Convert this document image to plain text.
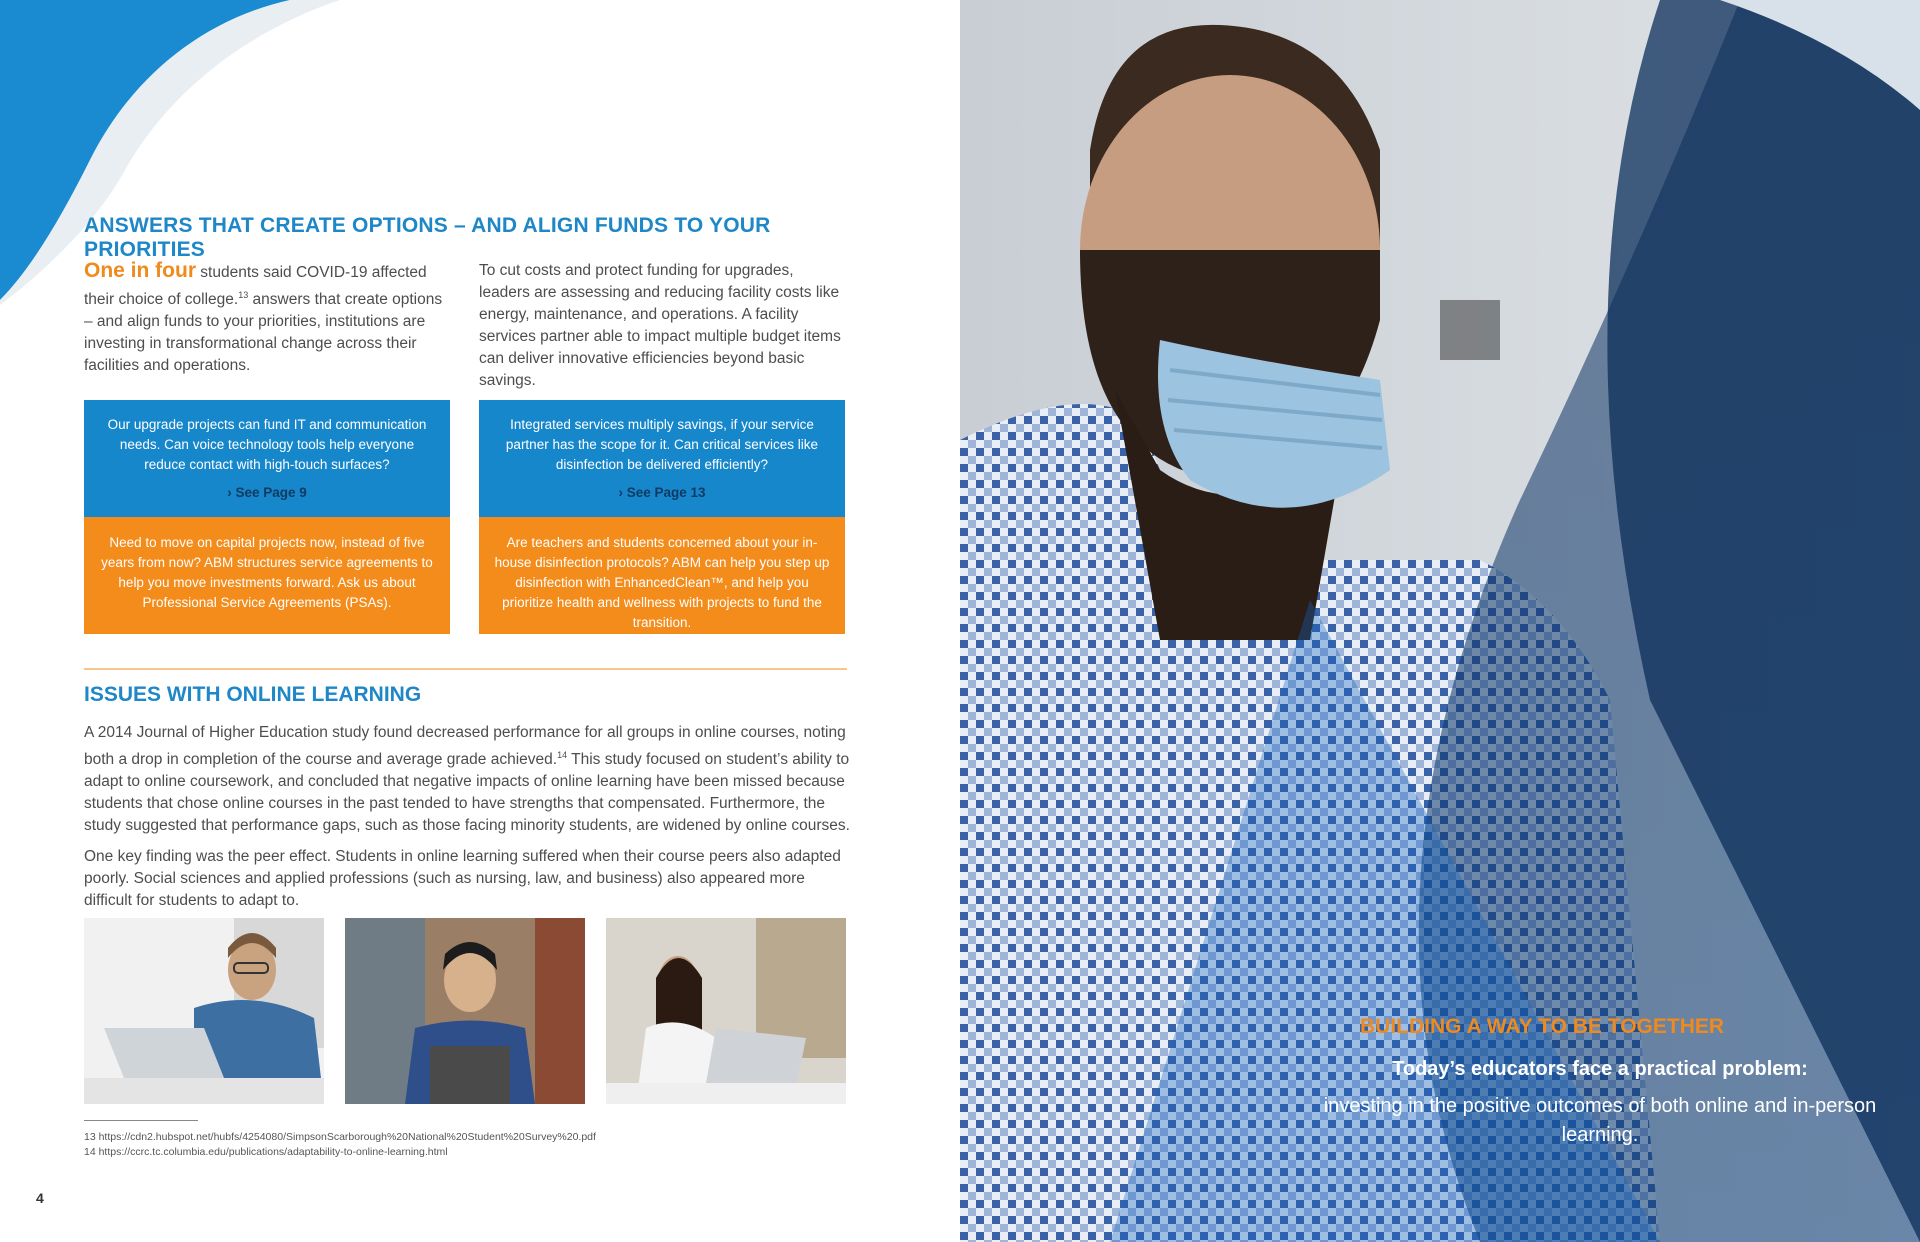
ANSWERS THAT CREATE OPTIONS – AND ALIGN FUNDS TO YOUR PRIORITIES
One in four students said COVID-19 affected their choice of college.$^{13}$ answers that create options – and align funds to your priorities, institutions are investing in transformational change across their facilities and operations.
To cut costs and protect funding for upgrades, leaders are assessing and reducing facility costs like energy, maintenance, and operations. A facility services partner able to impact multiple budget items can deliver innovative efficiencies beyond basic savings.
Our upgrade projects can fund IT and communication needs. Can voice technology tools help everyone reduce contact with high-touch surfaces?
› See Page 9
Integrated services multiply savings, if your service partner has the scope for it. Can critical services like disinfection be delivered efficiently?
› See Page 13
Need to move on capital projects now, instead of five years from now? ABM structures service agreements to help you move investments forward. Ask us about Professional Service Agreements (PSAs).
Are teachers and students concerned about your in-house disinfection protocols? ABM can help you step up disinfection with EnhancedClean™, and help you prioritize health and wellness with projects to fund the transition.
ISSUES WITH ONLINE LEARNING
A 2014 Journal of Higher Education study found decreased performance for all groups in online courses, noting both a drop in completion of the course and average grade achieved.$^{14}$ This study focused on student’s ability to adapt to online coursework, and concluded that negative impacts of online learning have been missed because students that chose online courses in the past tended to have strengths that compensated. Furthermore, the study suggested that performance gaps, such as those facing minority students, are widened by online courses.
One key finding was the peer effect. Students in online learning suffered when their course peers also adapted poorly. Social sciences and applied professions (such as nursing, law, and business) also appeared more difficult for students to adapt to.
13 https://cdn2.hubspot.net/hubfs/4254080/SimpsonScarborough%20National%20Student%20Survey%20.pdf
14 https://ccrc.tc.columbia.edu/publications/adaptability-to-online-learning.html
4
BUILDING A WAY TO BE TOGETHER
Today’s educators face a practical problem:
investing in the positive outcomes of both online and in-person learning.
